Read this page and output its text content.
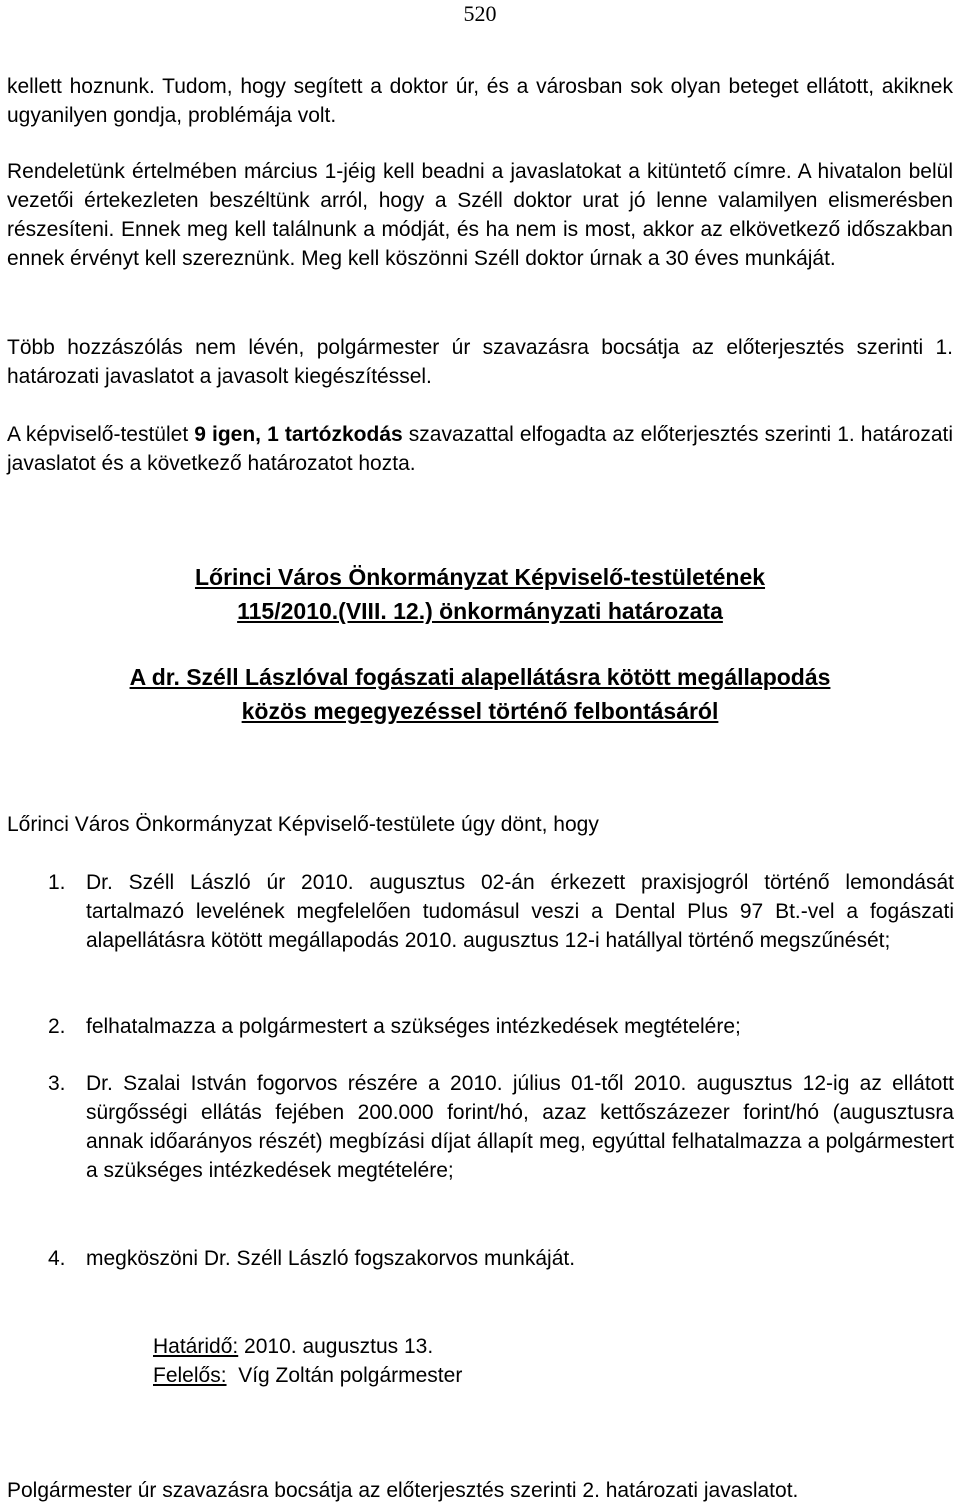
520

kellett hoznunk. Tudom, hogy segített a doktor úr, és a városban sok olyan beteget ellátott, akiknek ugyanilyen gondja, problémája volt.

Rendeletünk értelmében március 1-jéig kell beadni a javaslatokat a kitüntető címre. A hivatalon belül vezetői értekezleten beszéltünk arról, hogy a Széll doktor urat jó lenne valamilyen elismerésben részesíteni. Ennek meg kell találnunk a módját, és ha nem is most, akkor az elkövetkező időszakban ennek érvényt kell szereznünk. Meg kell köszönni Széll doktor úrnak a 30 éves munkáját.

Több hozzászólás nem lévén, polgármester úr szavazásra bocsátja az előterjesztés szerinti 1. határozati javaslatot a javasolt kiegészítéssel.

A képviselő-testület 9 igen, 1 tartózkodás szavazattal elfogadta az előterjesztés szerinti 1. határozati javaslatot és a következő határozatot hozta.

Lőrinci Város Önkormányzat Képviselő-testületének
115/2010.(VIII. 12.) önkormányzati határozata
A dr. Széll Lászlóval fogászati alapellátásra kötött megállapodás
közös megegyezéssel történő felbontásáról

Lőrinci Város Önkormányzat Képviselő-testülete úgy dönt, hogy

1. Dr. Széll László úr 2010. augusztus 02-án érkezett praxisjogról történő lemondását tartalmazó levelének megfelelően tudomásul veszi a Dental Plus 97 Bt.-vel a fogászati alapellátásra kötött megállapodás 2010. augusztus 12-i hatállyal történő megszűnését;
2. felhatalmazza a polgármestert a szükséges intézkedések megtételére;
3. Dr. Szalai István fogorvos részére a 2010. július 01-től 2010. augusztus 12-ig az ellátott sürgősségi ellátás fejében 200.000 forint/hó, azaz kettőszázezer forint/hó (augusztusra annak időarányos részét) megbízási díjat állapít meg, egyúttal felhatalmazza a polgármestert a szükséges intézkedések megtételére;
4. megköszöni Dr. Széll László fogszakorvos munkáját.
Határidő: 2010. augusztus 13.
Felelős:  Víg Zoltán polgármester

Polgármester úr szavazásra bocsátja az előterjesztés szerinti 2. határozati javaslatot.
